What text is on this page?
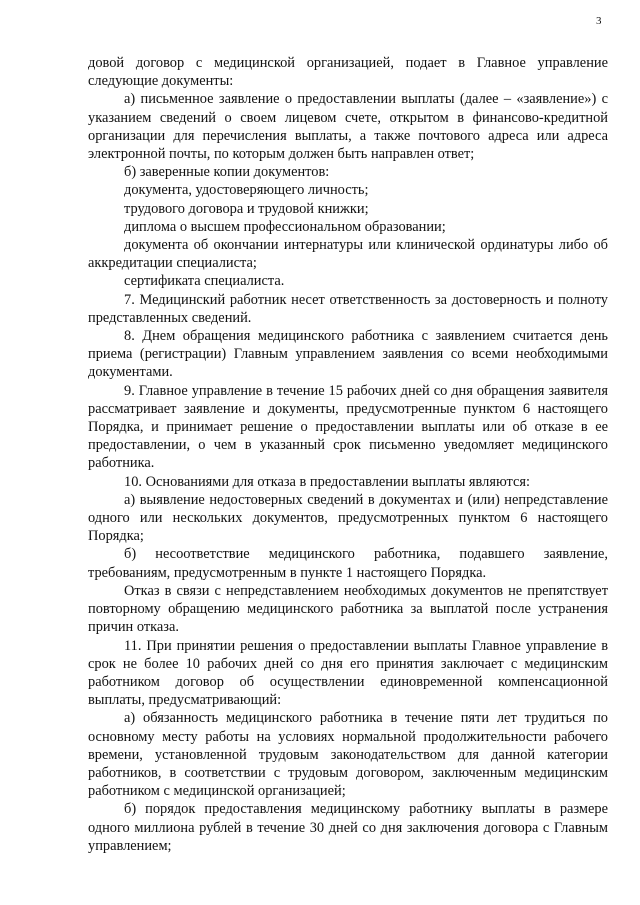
3

довой договор с медицинской организацией, подает в Главное управление следующие документы:

а) письменное заявление о предоставлении выплаты (далее – «заявление») с указанием сведений о своем лицевом счете, открытом в финансово-кредитной организации для перечисления выплаты, а также почтового адреса или адреса электронной почты, по которым должен быть направлен ответ;

б) заверенные копии документов:

документа, удостоверяющего личность;

трудового договора и трудовой книжки;

диплома о высшем профессиональном образовании;

документа об окончании интернатуры или клинической ординатуры либо об аккредитации специалиста;

сертификата специалиста.

7. Медицинский работник несет ответственность за достоверность и полноту представленных сведений.

8. Днем обращения медицинского работника с заявлением считается день приема (регистрации) Главным управлением заявления со всеми необходимыми документами.

9. Главное управление в течение 15 рабочих дней со дня обращения заявителя рассматривает заявление и документы, предусмотренные пунктом 6 настоящего Порядка, и принимает решение о предоставлении выплаты или об отказе в ее предоставлении, о чем в указанный срок письменно уведомляет медицинского работника.

10. Основаниями для отказа в предоставлении выплаты являются:

а) выявление недостоверных сведений в документах и (или) непредставление одного или нескольких документов, предусмотренных пунктом 6 настоящего Порядка;

б) несоответствие медицинского работника, подавшего заявление, требованиям, предусмотренным в пункте 1 настоящего Порядка.

Отказ в связи с непредставлением необходимых документов не препятствует повторному обращению медицинского работника за выплатой после устранения причин отказа.

11. При принятии решения о предоставлении выплаты Главное управление в срок не более 10 рабочих дней со дня его принятия заключает с медицинским работником договор об осуществлении единовременной компенсационной выплаты, предусматривающий:

а) обязанность медицинского работника в течение пяти лет трудиться по основному месту работы на условиях нормальной продолжительности рабочего времени, установленной трудовым законодательством для данной категории работников, в соответствии с трудовым договором, заключенным медицинским работником с медицинской организацией;

б) порядок предоставления медицинскому работнику выплаты в размере одного миллиона рублей в течение 30 дней со дня заключения договора с Главным управлением;
